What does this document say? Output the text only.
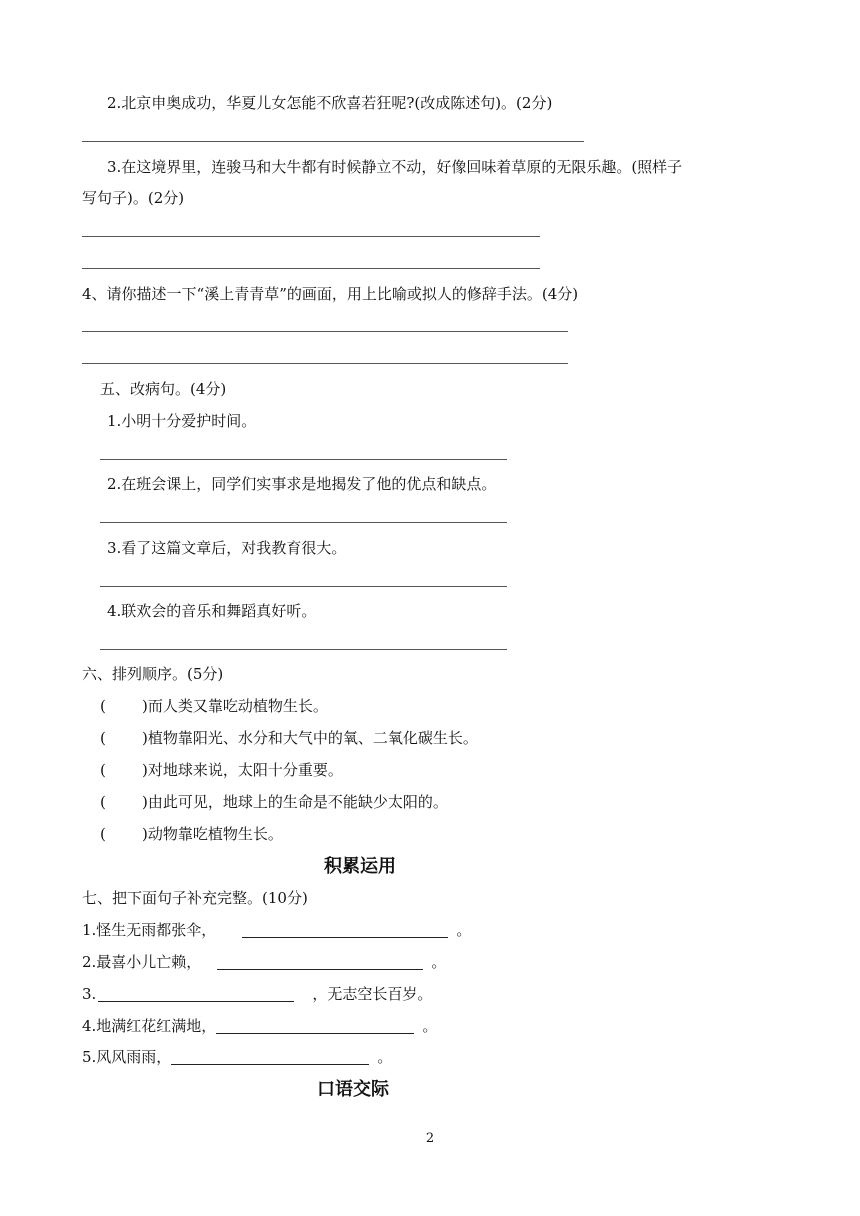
2.北京申奥成功，华夏儿女怎能不欣喜若狂呢?(改成陈述句)。(2分)
3.在这境界里，连骏马和大牛都有时候静立不动，好像回味着草原的无限乐趣。(照样子
写句子)。(2分)
4、请你描述一下“溪上青青草”的画面，用上比喻或拟人的修辞手法。(4分)
五、改病句。(4分)
1.小明十分爱护时间。
2.在班会课上，同学们实事求是地揭发了他的优点和缺点。
3.看了这篇文章后，对我教育很大。
4.联欢会的音乐和舞蹈真好听。
六、排列顺序。(5分)
( )而人类又靠吃动植物生长。
( )植物靠阳光、水分和大气中的氧、二氧化碳生长。
( )对地球来说，太阳十分重要。
( )由此可见，地球上的生命是不能缺少太阳的。
( )动物靠吃植物生长。
积累运用
七、把下面句子补充完整。(10分)
1.怪生无雨都张伞，	。
2.最喜小儿亡赖，	。
3.	，无志空长百岁。
4.地满红花红满地，	。
5.风风雨雨，	。
口语交际
2
